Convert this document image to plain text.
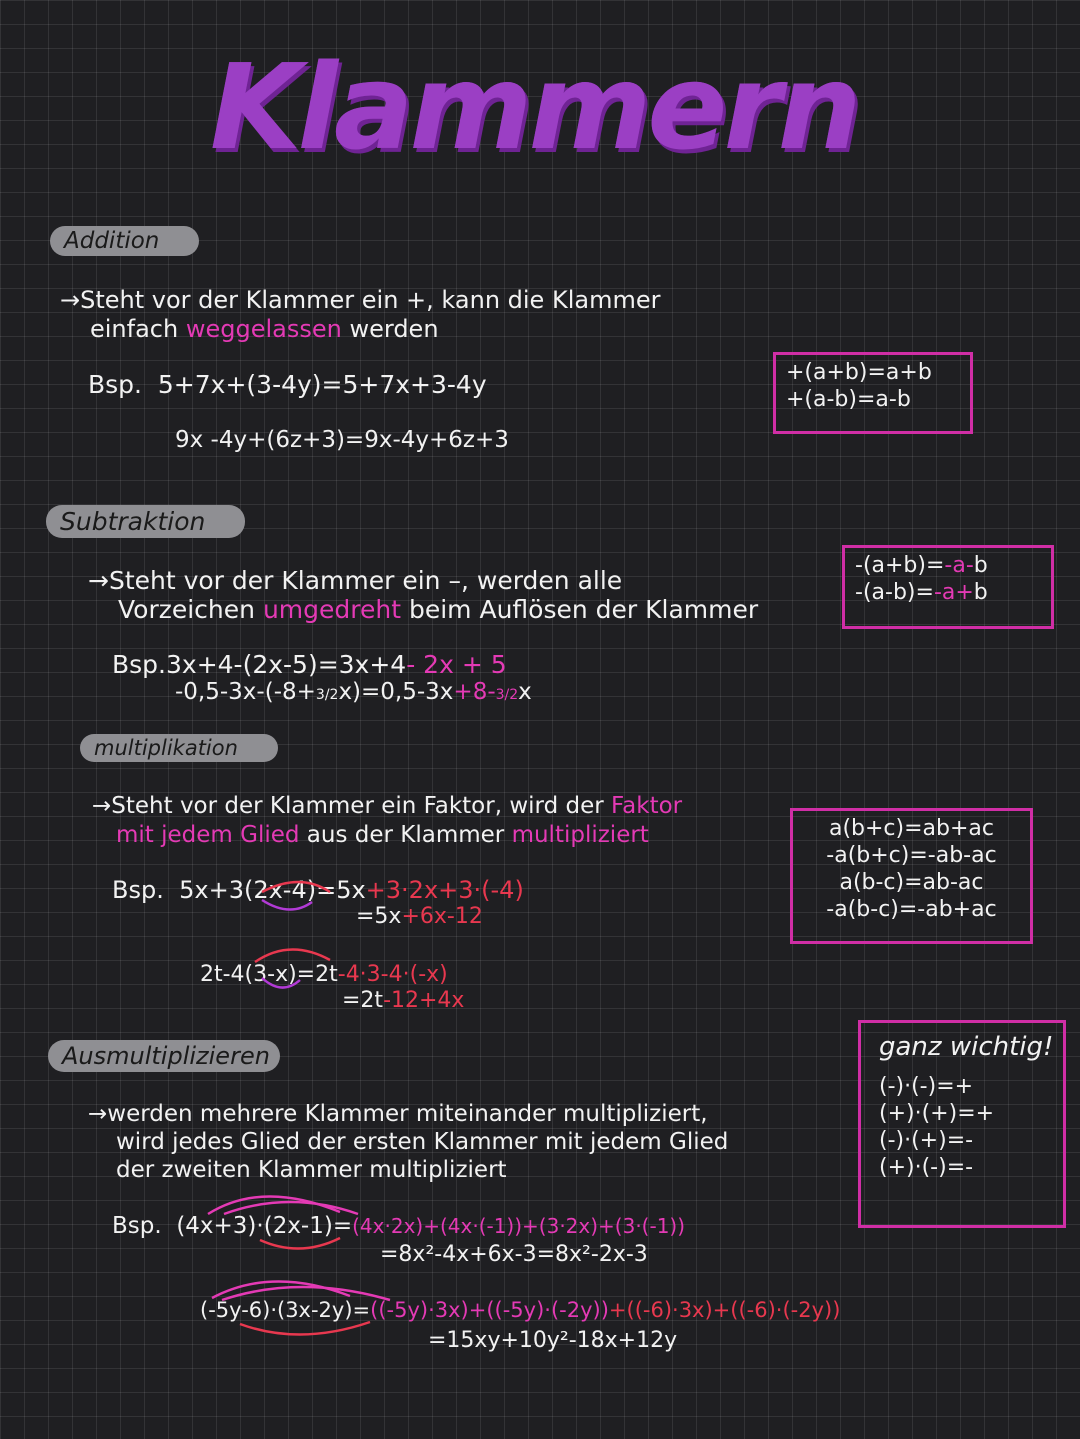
Klammern
Addition
→Steht vor der Klammer ein +, kann die Klammer
einfach weggelassen werden
Bsp. 5+7x+(3-4y)=5+7x+3-4y
9x -4y+(6z+3)=9x-4y+6z+3
+(a+b)=a+b
+(a-b)=a-b
Subtraktion
→Steht vor der Klammer ein –, werden alle
Vorzeichen umgedreht beim Auflösen der Klammer
Bsp.3x+4-(2x-5)=3x+4- 2x + 5
-0,5-3x-(-8+3/2x)=0,5-3x+8-3/2x
-(a+b)=-a-b
-(a-b)=-a+b
multiplikation
→Steht vor der Klammer ein Faktor, wird der Faktor
mit jedem Glied aus der Klammer multipliziert
Bsp. 5x+3(2x-4)=5x+3·2x+3·(-4)
=5x+6x-12
2t-4(3-x)=2t-4·3-4·(-x)
=2t-12+4x
a(b+c)=ab+ac
-a(b+c)=-ab-ac
a(b-c)=ab-ac
-a(b-c)=-ab+ac
Ausmultiplizieren
→werden mehrere Klammer miteinander multipliziert,
wird jedes Glied der ersten Klammer mit jedem Glied
der zweiten Klammer multipliziert
Bsp. (4x+3)·(2x-1)=(4x·2x)+(4x·(-1))+(3·2x)+(3·(-1))
=8x²-4x+6x-3=8x²-2x-3
(-5y-6)·(3x-2y)=((-5y)·3x)+((-5y)·(-2y))+((-6)·3x)+((-6)·(-2y))
=15xy+10y²-18x+12y
ganz wichtig!
(-)·(-)=+
(+)·(+)=+
(-)·(+)=-
(+)·(-)=-
